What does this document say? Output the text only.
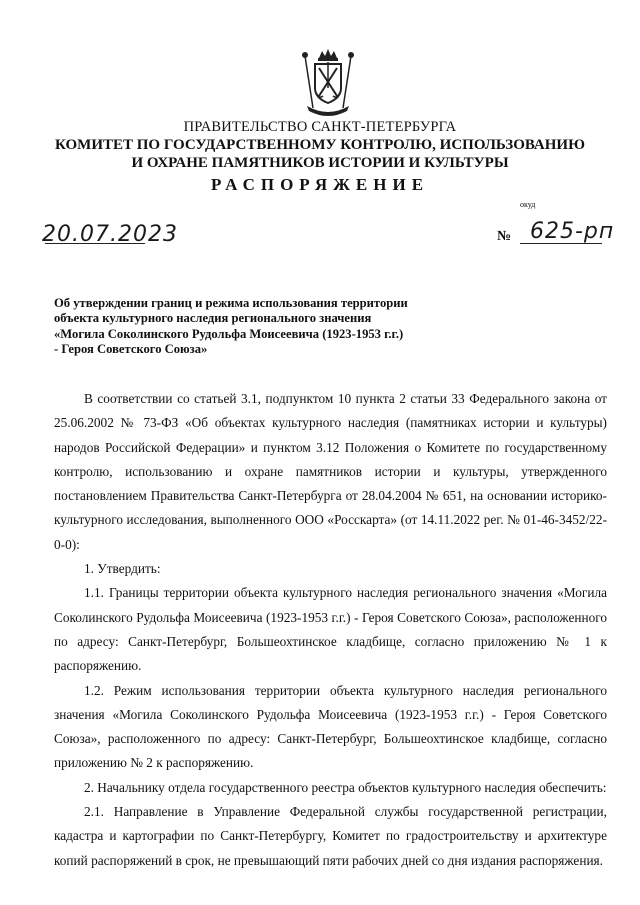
ПРАВИТЕЛЬСТВО САНКТ-ПЕТЕРБУРГА
КОМИТЕТ ПО ГОСУДАРСТВЕННОМУ КОНТРОЛЮ, ИСПОЛЬЗОВАНИЮ
И ОХРАНЕ ПАМЯТНИКОВ ИСТОРИИ И КУЛЬТУРЫ
РАСПОРЯЖЕНИЕ
окуд
20.07.2023	№ 625-рп
Об утверждении границ и режима использования территории
объекта культурного наследия регионального значения
«Могила Соколинского Рудольфа Моисеевича (1923-1953 г.г.)
- Героя Советского Союза»

В соответствии со статьей 3.1, подпунктом 10 пункта 2 статьи 33 Федерального закона от 25.06.2002 № 73-ФЗ «Об объектах культурного наследия (памятниках истории и культуры) народов Российской Федерации» и пунктом 3.12 Положения о Комитете по государственному контролю, использованию и охране памятников истории и культуры, утвержденного постановлением Правительства Санкт-Петербурга от 28.04.2004 № 651, на основании историко-культурного исследования, выполненного ООО «Росскарта» (от 14.11.2022 рег. № 01-46-3452/22-0-0):

1. Утвердить:

1.1. Границы территории объекта культурного наследия регионального значения «Могила Соколинского Рудольфа Моисеевича (1923-1953 г.г.) - Героя Советского Союза», расположенного по адресу: Санкт-Петербург, Большеохтинское кладбище, согласно приложению № 1 к распоряжению.

1.2. Режим использования территории объекта культурного наследия регионального значения «Могила Соколинского Рудольфа Моисеевича (1923-1953 г.г.) - Героя Советского Союза», расположенного по адресу: Санкт-Петербург, Большеохтинское кладбище, согласно приложению № 2 к распоряжению.

2. Начальнику отдела государственного реестра объектов культурного наследия обеспечить:

2.1. Направление в Управление Федеральной службы государственной регистрации, кадастра и картографии по Санкт-Петербургу, Комитет по градостроительству и архитектуре копий распоряжений в срок, не превышающий пяти рабочих дней со дня издания распоряжения.
